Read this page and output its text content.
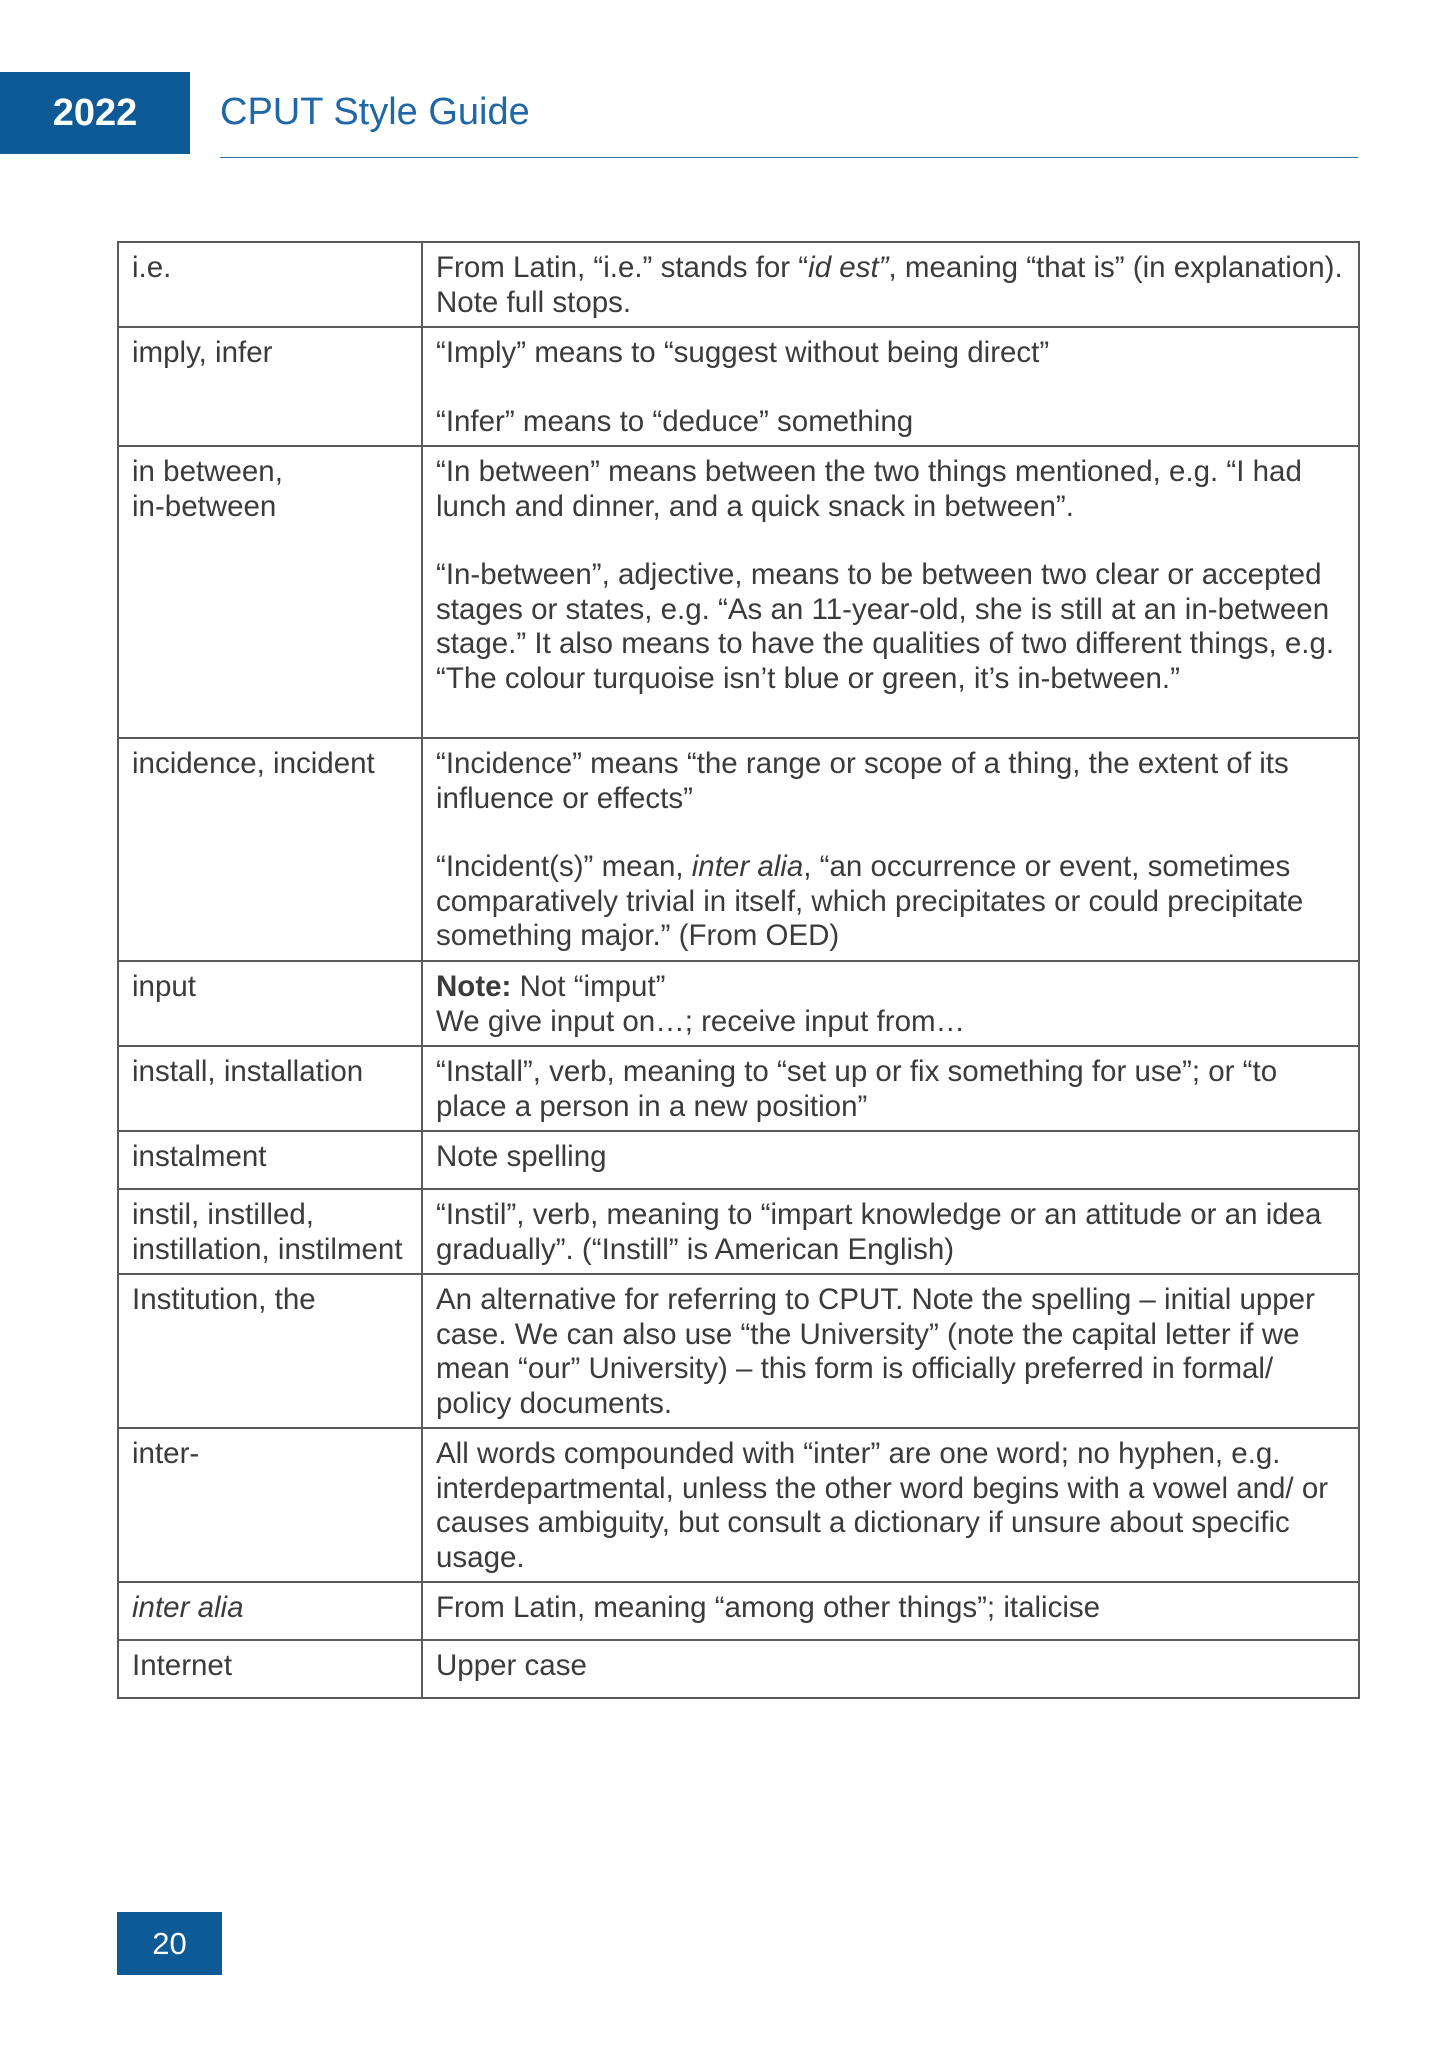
2022	CPUT Style Guide
i.e.	From Latin, “i.e.” stands for “id est”, meaning “that is” (in explanation). Note full stops.

imply, infer	“Imply” means to “suggest without being direct”
“Infer” means to “deduce” something

in between,
in-between	“In between” means between the two things mentioned, e.g. “I had lunch and dinner, and a quick snack in between”.
“In-between”, adjective, means to be between two clear or accepted stages or states, e.g. “As an 11-year-old, she is still at an in-between stage.” It also means to have the qualities of two different things, e.g. “The colour turquoise isn’t blue or green, it’s in-between.”

incidence, incident	“Incidence” means “the range or scope of a thing, the extent of its influence or effects”
“Incident(s)” mean, inter alia, “an occurrence or event, sometimes comparatively trivial in itself, which precipitates or could precipitate something major.” (From OED)

input	Note: Not “imput”
We give input on…; receive input from…

install, installation	“Install”, verb, meaning to “set up or fix something for use”; or “to place a person in a new position”

instalment	Note spelling

instil, instilled,
instillation, instilment	“Instil”, verb, meaning to “impart knowledge or an attitude or an idea gradually”. (“Instill” is American English)

Institution, the	An alternative for referring to CPUT. Note the spelling – initial upper case. We can also use “the University” (note the capital letter if we mean “our” University) – this form is officially preferred in formal/ policy documents.

inter-	All words compounded with “inter” are one word; no hyphen, e.g. interdepartmental, unless the other word begins with a vowel and/ or causes ambiguity, but consult a dictionary if unsure about specific usage.

inter alia	From Latin, meaning “among other things”; italicise

Internet	Upper case
20
